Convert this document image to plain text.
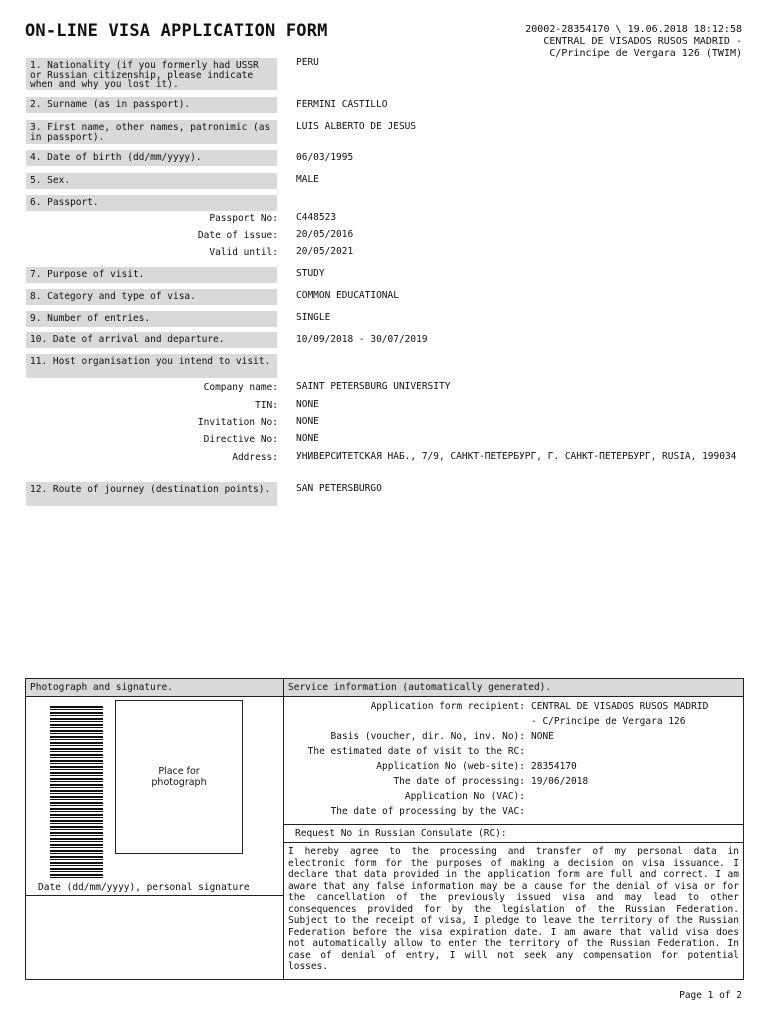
ON-LINE VISA APPLICATION FORM	20002-28354170 \ 19.06.2018 18:12:58
CENTRAL DE VISADOS RUSOS MADRID -
C/Principe de Vergara 126 (TWIM)
1. Nationality (if you formerly had USSR or Russian citizenship, please indicate when and why you lost it).
PERU
2. Surname (as in passport).	FERMINI CASTILLO
3. First name, other names, patronimic (as in passport).
LUIS ALBERTO DE JESUS
4. Date of birth (dd/mm/yyyy).	06/03/1995
5. Sex.	MALE
6. Passport.
Passport No: C448523
Date of issue: 20/05/2016
Valid until: 20/05/2021
7. Purpose of visit.	STUDY
8. Category and type of visa.	COMMON EDUCATIONAL
9. Number of entries.	SINGLE
10. Date of arrival and departure.	10/09/2018 - 30/07/2019
11. Host organisation you intend to visit.
Company name: SAINT PETERSBURG UNIVERSITY
TIN: NONE
Invitation No: NONE
Directive No: NONE
Address: УНИВЕРСИТЕТСКАЯ НАБ., 7/9, САНКТ-ПЕТЕРБУРГ, Г. САНКТ-ПЕТЕРБУРГ, RUSIA, 199034
12. Route of journey (destination points).	SAN PETERSBURGO
Photograph and signature.	Service information (automatically generated).
Place for photograph
Date (dd/mm/yyyy), personal signature
Application form recipient: CENTRAL DE VISADOS RUSOS MADRID
- C/Principe de Vergara 126
Basis (voucher, dir. No, inv. No): NONE
The estimated date of visit to the RC:
Application No (web-site): 28354170
The date of processing: 19/06/2018
Application No (VAC):
The date of processing by the VAC:
Request No in Russian Consulate (RC):
I hereby agree to the processing and transfer of my personal data in electronic form for the purposes of making a decision on visa issuance. I declare that data provided in the application form are full and correct. I am aware that any false information may be a cause for the denial of visa or for the cancellation of the previously issued visa and may lead to other consequences provided for by the legislation of the Russian Federation. Subject to the receipt of visa, I pledge to leave the territory of the Russian Federation before the visa expiration date. I am aware that valid visa does not automatically allow to enter the territory of the Russian Federation. In case of denial of entry, I will not seek any compensation for potential losses.
Page 1 of 2
